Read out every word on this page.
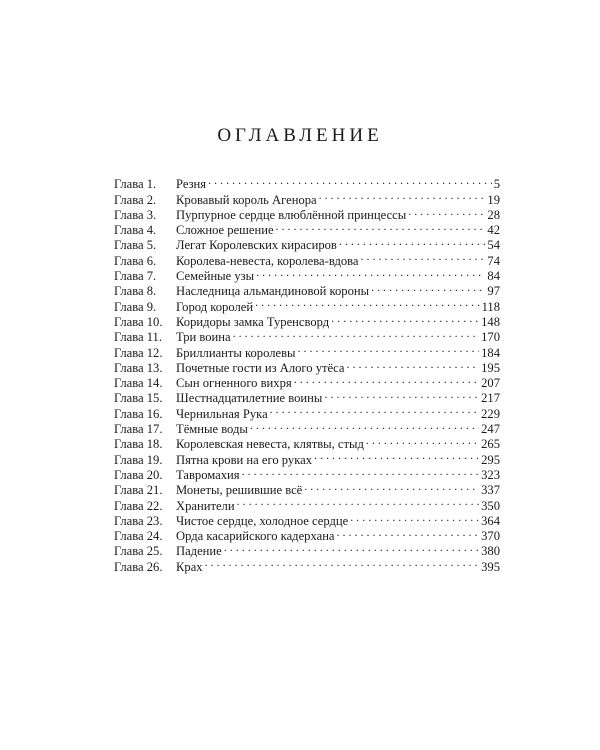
ОГЛАВЛЕНИЕ
Глава 1.	Резня . . .	5
Глава 2.	Кровавый король Агенора . . .	19
Глава 3.	Пурпурное сердце влюблённой принцессы . . .	28
Глава 4.	Сложное решение . . .	42
Глава 5.	Легат Королевских кирасиров . . .	54
Глава 6.	Королева-невеста, королева-вдова . . .	74
Глава 7.	Семейные узы . . .	84
Глава 8.	Наследница альмандиновой короны . . .	97
Глава 9.	Город королей . . .	118
Глава 10.	Коридоры замка Туренсворд . . .	148
Глава 11.	Три воина . . .	170
Глава 12.	Бриллианты королевы . . .	184
Глава 13.	Почетные гости из Алого утёса . . .	195
Глава 14.	Сын огненного вихря . . .	207
Глава 15.	Шестнадцатилетние воины . . .	217
Глава 16.	Чернильная Рука . . .	229
Глава 17.	Тёмные воды . . .	247
Глава 18.	Королевская невеста, клятвы, стыд . . .	265
Глава 19.	Пятна крови на его руках . . .	295
Глава 20.	Тавромахия . . .	323
Глава 21.	Монеты, решившие всё . . .	337
Глава 22.	Хранители . . .	350
Глава 23.	Чистое сердце, холодное сердце . . .	364
Глава 24.	Орда касарийского кадерхана . . .	370
Глава 25.	Падение . . .	380
Глава 26.	Крах . . .	395
